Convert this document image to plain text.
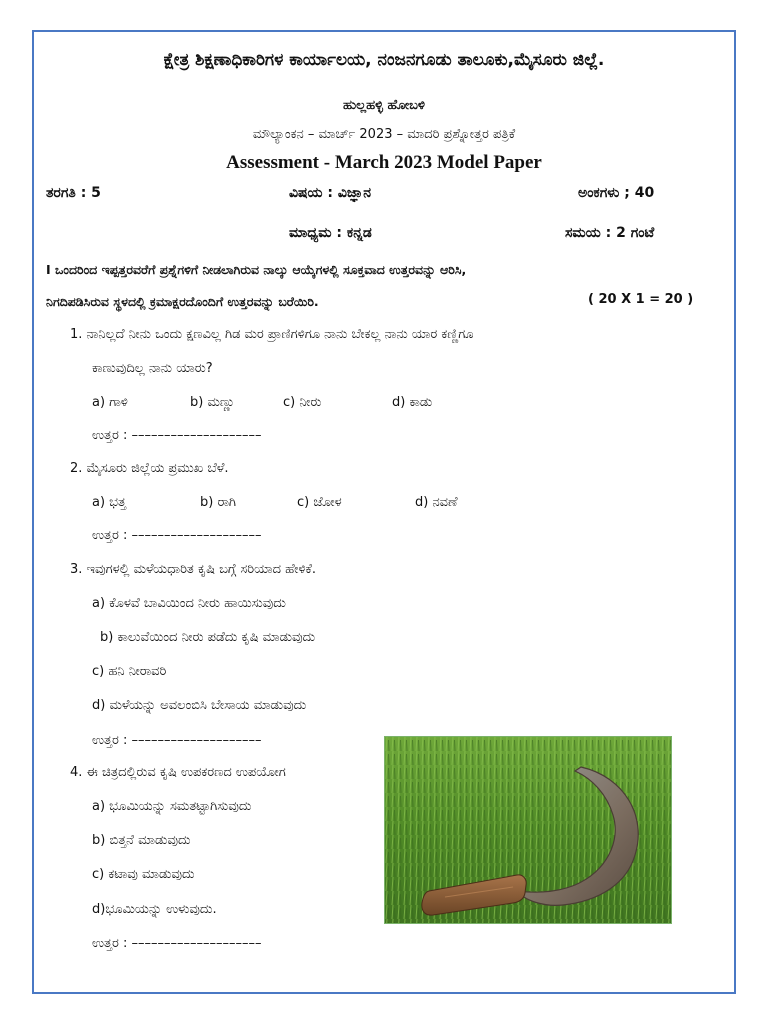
ಕ್ಷೇತ್ರ ಶಿಕ್ಷಣಾಧಿಕಾರಿಗಳ ಕಾರ್ಯಾಲಯ, ನಂಜನಗೂಡು ತಾಲೂಕು,ಮೈಸೂರು ಜಿಲ್ಲೆ.
ಹುಲ್ಲಹಳ್ಳಿ ಹೋಬಳಿ
ಮೌಲ್ಯಾಂಕನ – ಮಾರ್ಚ್ 2023 – ಮಾದರಿ ಪ್ರಶ್ನೋತ್ತರ ಪತ್ರಿಕೆ
Assessment - March 2023 Model Paper
ತರಗತಿ : 5	ವಿಷಯ : ವಿಜ್ಞಾನ	ಅಂಕಗಳು ; 40
ಮಾಧ್ಯಮ : ಕನ್ನಡ	ಸಮಯ : 2 ಗಂಟೆ
I ಒಂದರಿಂದ ಇಪ್ಪತ್ತರವರೆಗೆ ಪ್ರಶ್ನೆಗಳಿಗೆ ನೀಡಲಾಗಿರುವ ನಾಲ್ಕು ಆಯ್ಕೆಗಳಲ್ಲಿ ಸೂಕ್ತವಾದ ಉತ್ತರವನ್ನು ಆರಿಸಿ,
ನಿಗದಿಪಡಿಸಿರುವ ಸ್ಥಳದಲ್ಲಿ ಕ್ರಮಾಕ್ಷರದೊಂದಿಗೆ ಉತ್ತರವನ್ನು ಬರೆಯಿರಿ.	( 20 X 1 = 20 )
1. ನಾನಿಲ್ಲದೆ ನೀನು ಒಂದು ಕ್ಷಣವಿಲ್ಲ ಗಿಡ ಮರ ಪ್ರಾಣಿಗಳಿಗೂ ನಾನು ಬೇಕಲ್ಲ ನಾನು ಯಾರ ಕಣ್ಣಿಗೂ
ಕಾಣುವುದಿಲ್ಲ ನಾನು ಯಾರು?
a) ಗಾಳಿ	b) ಮಣ್ಣು	c) ನೀರು	d) ಕಾಡು
ಉತ್ತರ : ––––––––––––––––––––
2. ಮೈಸೂರು ಜಿಲ್ಲೆಯ ಪ್ರಮುಖ ಬೆಳೆ.
a) ಭತ್ತ	b) ರಾಗಿ	c) ಜೋಳ	d) ನವಣೆ
ಉತ್ತರ : ––––––––––––––––––––
3. ಇವುಗಳಲ್ಲಿ ಮಳೆಯಧಾರಿತ ಕೃಷಿ ಬಗ್ಗೆ ಸರಿಯಾದ ಹೇಳಿಕೆ.
a) ಕೊಳವೆ ಬಾವಿಯಿಂದ ನೀರು ಹಾಯಿಸುವುದು
b) ಕಾಲುವೆಯಿಂದ ನೀರು ಪಡೆದು ಕೃಷಿ ಮಾಡುವುದು
c) ಹನಿ ನೀರಾವರಿ
d) ಮಳೆಯನ್ನು ಅವಲಂಬಿಸಿ ಬೇಸಾಯ ಮಾಡುವುದು
ಉತ್ತರ : ––––––––––––––––––––
4. ಈ ಚಿತ್ರದಲ್ಲಿರುವ ಕೃಷಿ ಉಪಕರಣದ ಉಪಯೋಗ
a) ಭೂಮಿಯನ್ನು ಸಮತಟ್ಟಾಗಿಸುವುದು
b) ಬಿತ್ತನೆ ಮಾಡುವುದು
c) ಕಟಾವು ಮಾಡುವುದು
d)ಭೂಮಿಯನ್ನು ಉಳುವುದು.
ಉತ್ತರ : ––––––––––––––––––––
